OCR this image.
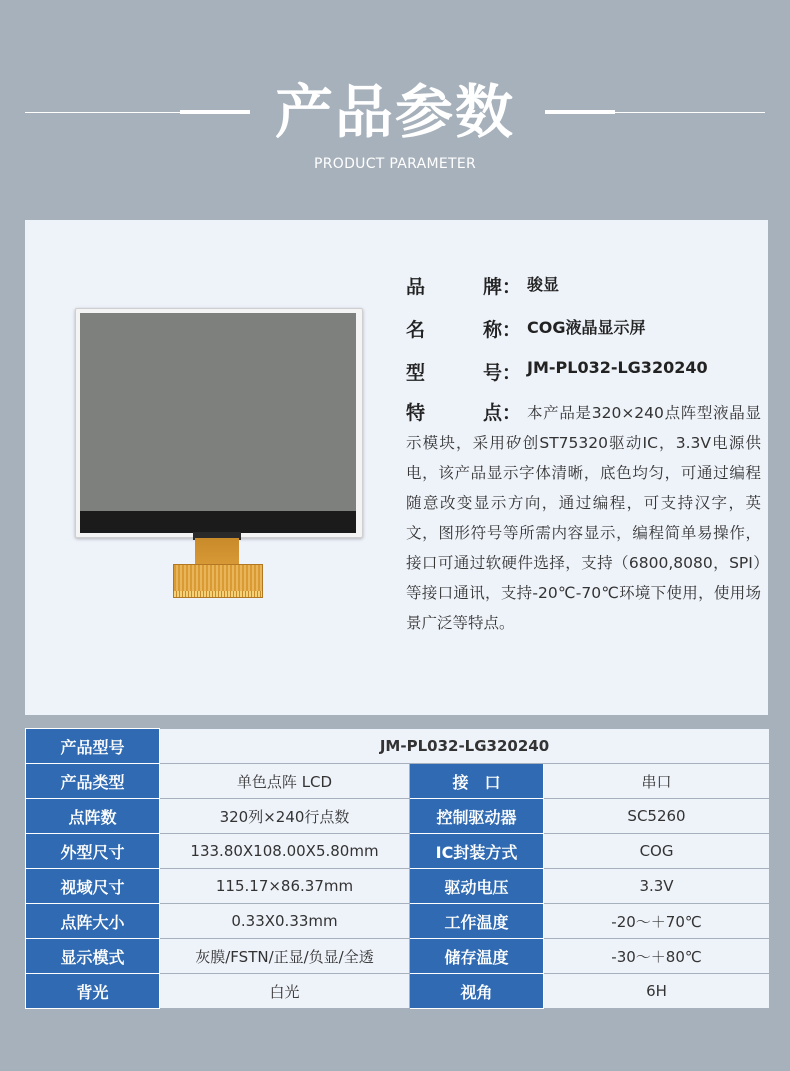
产品参数
PRODUCT PARAMETER
品	牌： 骏显
名	称： COG液晶显示屏
型	号： JM-PL032-LG320240
特	点： 本产品是320×240点阵型液晶显示模块，采用矽创ST75320驱动IC，3.3V电源供电，该产品显示字体清晰，底色均匀，可通过编程随意改变显示方向，通过编程，可支持汉字，英文，图形符号等所需内容显示，编程简单易操作，接口可通过软硬件选择，支持（6800,8080，SPI）等接口通讯，支持-20℃-70℃环境下使用，使用场景广泛等特点。
产品型号	JM-PL032-LG320240		
产品类型	单色点阵 LCD	接　口	串口
点阵数	320列×240行点数	控制驱动器	SC5260
外型尺寸	133.80X108.00X5.80mm	IC封装方式	COG
视域尺寸	115.17×86.37mm	驱动电压	3.3V
点阵大小	0.33X0.33mm	工作温度	-20～＋70℃
显示模式	灰膜/FSTN/正显/负显/全透	储存温度	-30～＋80℃
背光	白光	视角	6H
